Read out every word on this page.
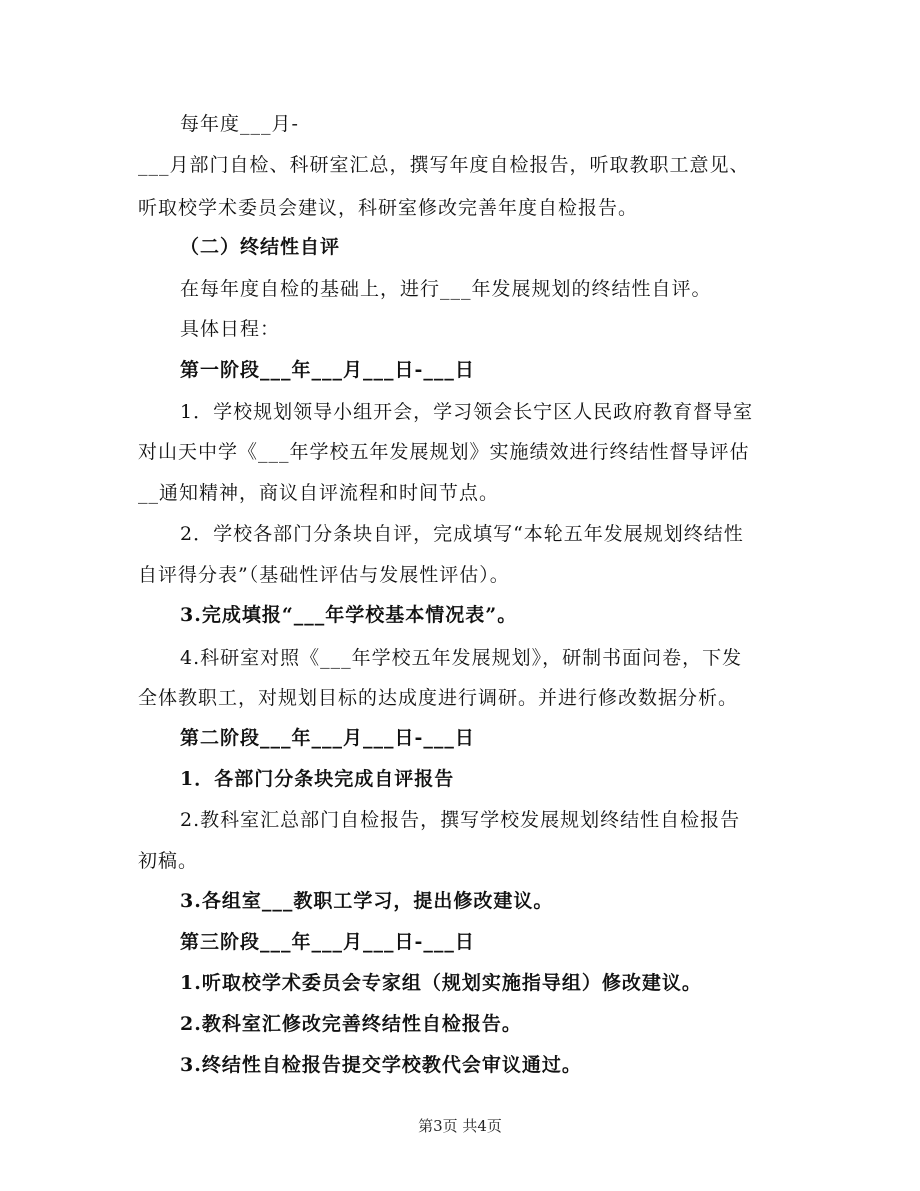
每年度___月-
___月部门自检、科研室汇总，撰写年度自检报告，听取教职工意见、
听取校学术委员会建议，科研室修改完善年度自检报告。
（二）终结性自评
在每年度自检的基础上，进行___年发展规划的终结性自评。
具体日程：
第一阶段___年___月___日-___日
1．学校规划领导小组开会，学习领会长宁区人民政府教育督导室
对山天中学《___年学校五年发展规划》实施绩效进行终结性督导评估
__通知精神，商议自评流程和时间节点。
2．学校各部门分条块自评，完成填写“本轮五年发展规划终结性
自评得分表”（基础性评估与发展性评估）。
3.完成填报“___年学校基本情况表”。
4.科研室对照《___年学校五年发展规划》，研制书面问卷，下发
全体教职工，对规划目标的达成度进行调研。并进行修改数据分析。
第二阶段___年___月___日-___日
1．各部门分条块完成自评报告
2.教科室汇总部门自检报告，撰写学校发展规划终结性自检报告
初稿。
3.各组室___教职工学习，提出修改建议。
第三阶段___年___月___日-___日
1.听取校学术委员会专家组（规划实施指导组）修改建议。
2.教科室汇修改完善终结性自检报告。
3.终结性自检报告提交学校教代会审议通过。
第3页 共4页
